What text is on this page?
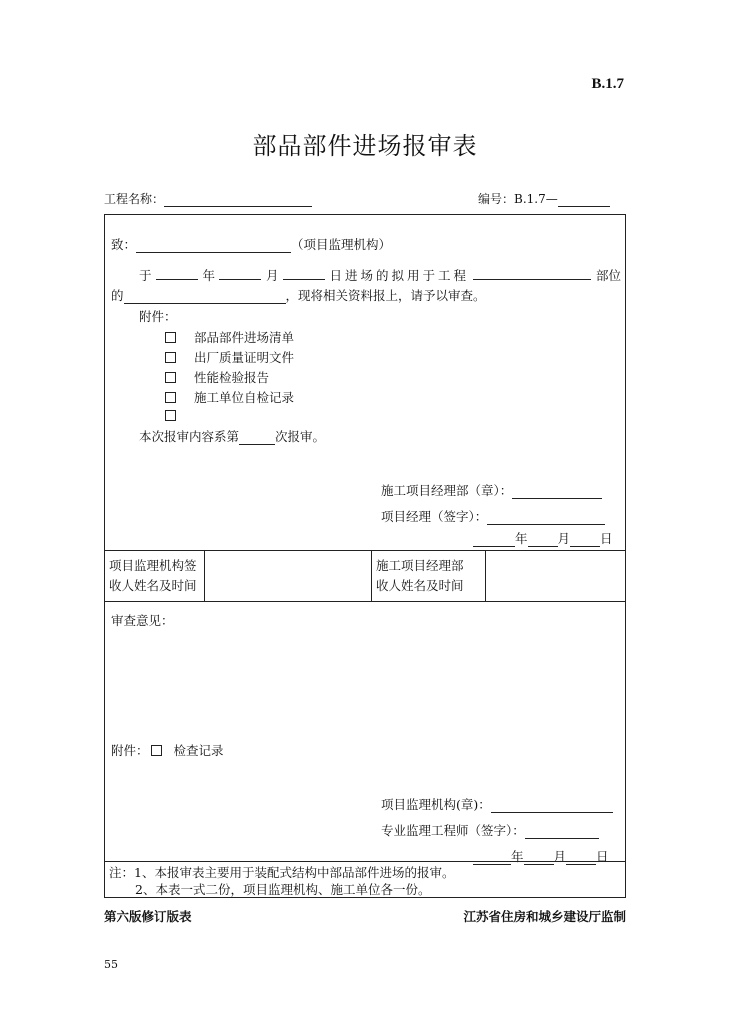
B.1.7
部品部件进场报审表
工程名称：	编号：B.1.7—
致：	（项目监理机构）
于	年	月	日进场的拟用于工程	部位
的	，现将相关资料报上，请予以审查。
附件：
部品部件进场清单
出厂质量证明文件
性能检验报告
施工单位自检记录
本次报审内容系第	次报审。
施工项目经理部（章）：
项目经理（签字）：
年 月 日
项目监理机构签
收人姓名及时间
施工项目经理部
收人姓名及时间
审查意见：
附件： 检查记录
项目监理机构(章)：
专业监理工程师（签字）：
年 月 日
注：1、本报审表主要用于装配式结构中部品部件进场的报审。
2、本表一式二份，项目监理机构、施工单位各一份。
第六版修订版表	江苏省住房和城乡建设厅监制
55
